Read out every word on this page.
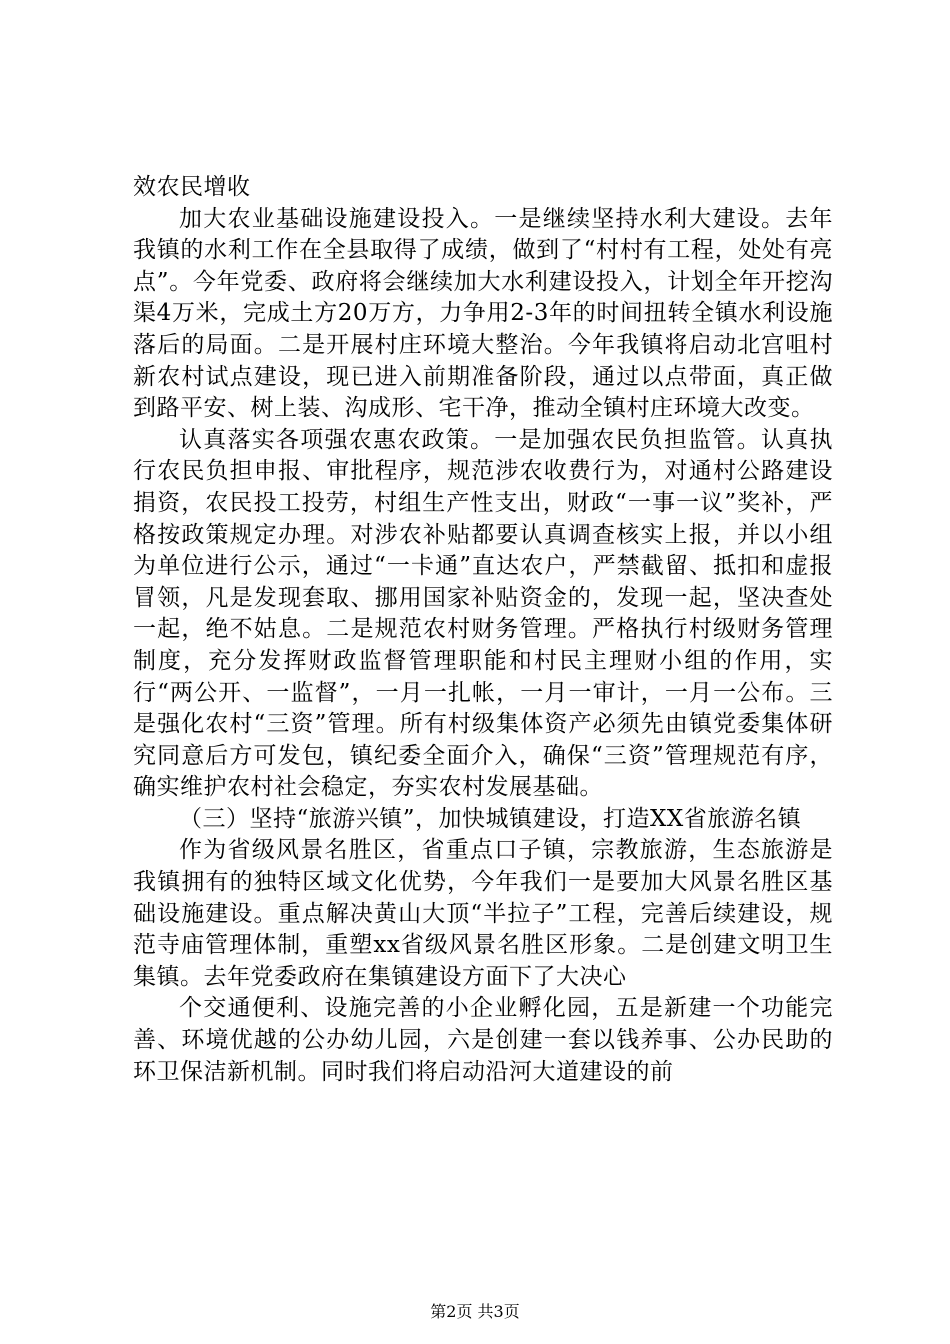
效农民增收

加大农业基础设施建设投入。一是继续坚持水利大建设。去年我镇的水利工作在全县取得了成绩，做到了“村村有工程，处处有亮点”。今年党委、政府将会继续加大水利建设投入，计划全年开挖沟渠4万米，完成土方20万方，力争用2-3年的时间扭转全镇水利设施落后的局面。二是开展村庄环境大整治。今年我镇将启动北宫咀村新农村试点建设，现已进入前期准备阶段，通过以点带面，真正做到路平安、树上装、沟成形、宅干净，推动全镇村庄环境大改变。

认真落实各项强农惠农政策。一是加强农民负担监管。认真执行农民负担申报、审批程序，规范涉农收费行为，对通村公路建设捐资，农民投工投劳，村组生产性支出，财政“一事一议”奖补，严格按政策规定办理。对涉农补贴都要认真调查核实上报，并以小组为单位进行公示，通过“一卡通”直达农户，严禁截留、抵扣和虚报冒领，凡是发现套取、挪用国家补贴资金的，发现一起，坚决查处一起，绝不姑息。二是规范农村财务管理。严格执行村级财务管理制度，充分发挥财政监督管理职能和村民主理财小组的作用，实行“两公开、一监督”，一月一扎帐，一月一审计，一月一公布。三是强化农村“三资”管理。所有村级集体资产必须先由镇党委集体研究同意后方可发包，镇纪委全面介入，确保“三资”管理规范有序，确实维护农村社会稳定，夯实农村发展基础。

（三）坚持“旅游兴镇”，加快城镇建设，打造XX省旅游名镇

作为省级风景名胜区，省重点口子镇，宗教旅游，生态旅游是我镇拥有的独特区域文化优势，今年我们一是要加大风景名胜区基础设施建设。重点解决黄山大顶“半拉子”工程，完善后续建设，规范寺庙管理体制，重塑xx省级风景名胜区形象。二是创建文明卫生集镇。去年党委政府在集镇建设方面下了大决心

个交通便利、设施完善的小企业孵化园，五是新建一个功能完善、环境优越的公办幼儿园，六是创建一套以钱养事、公办民助的环卫保洁新机制。同时我们将启动沿河大道建设的前

第2页 共3页
